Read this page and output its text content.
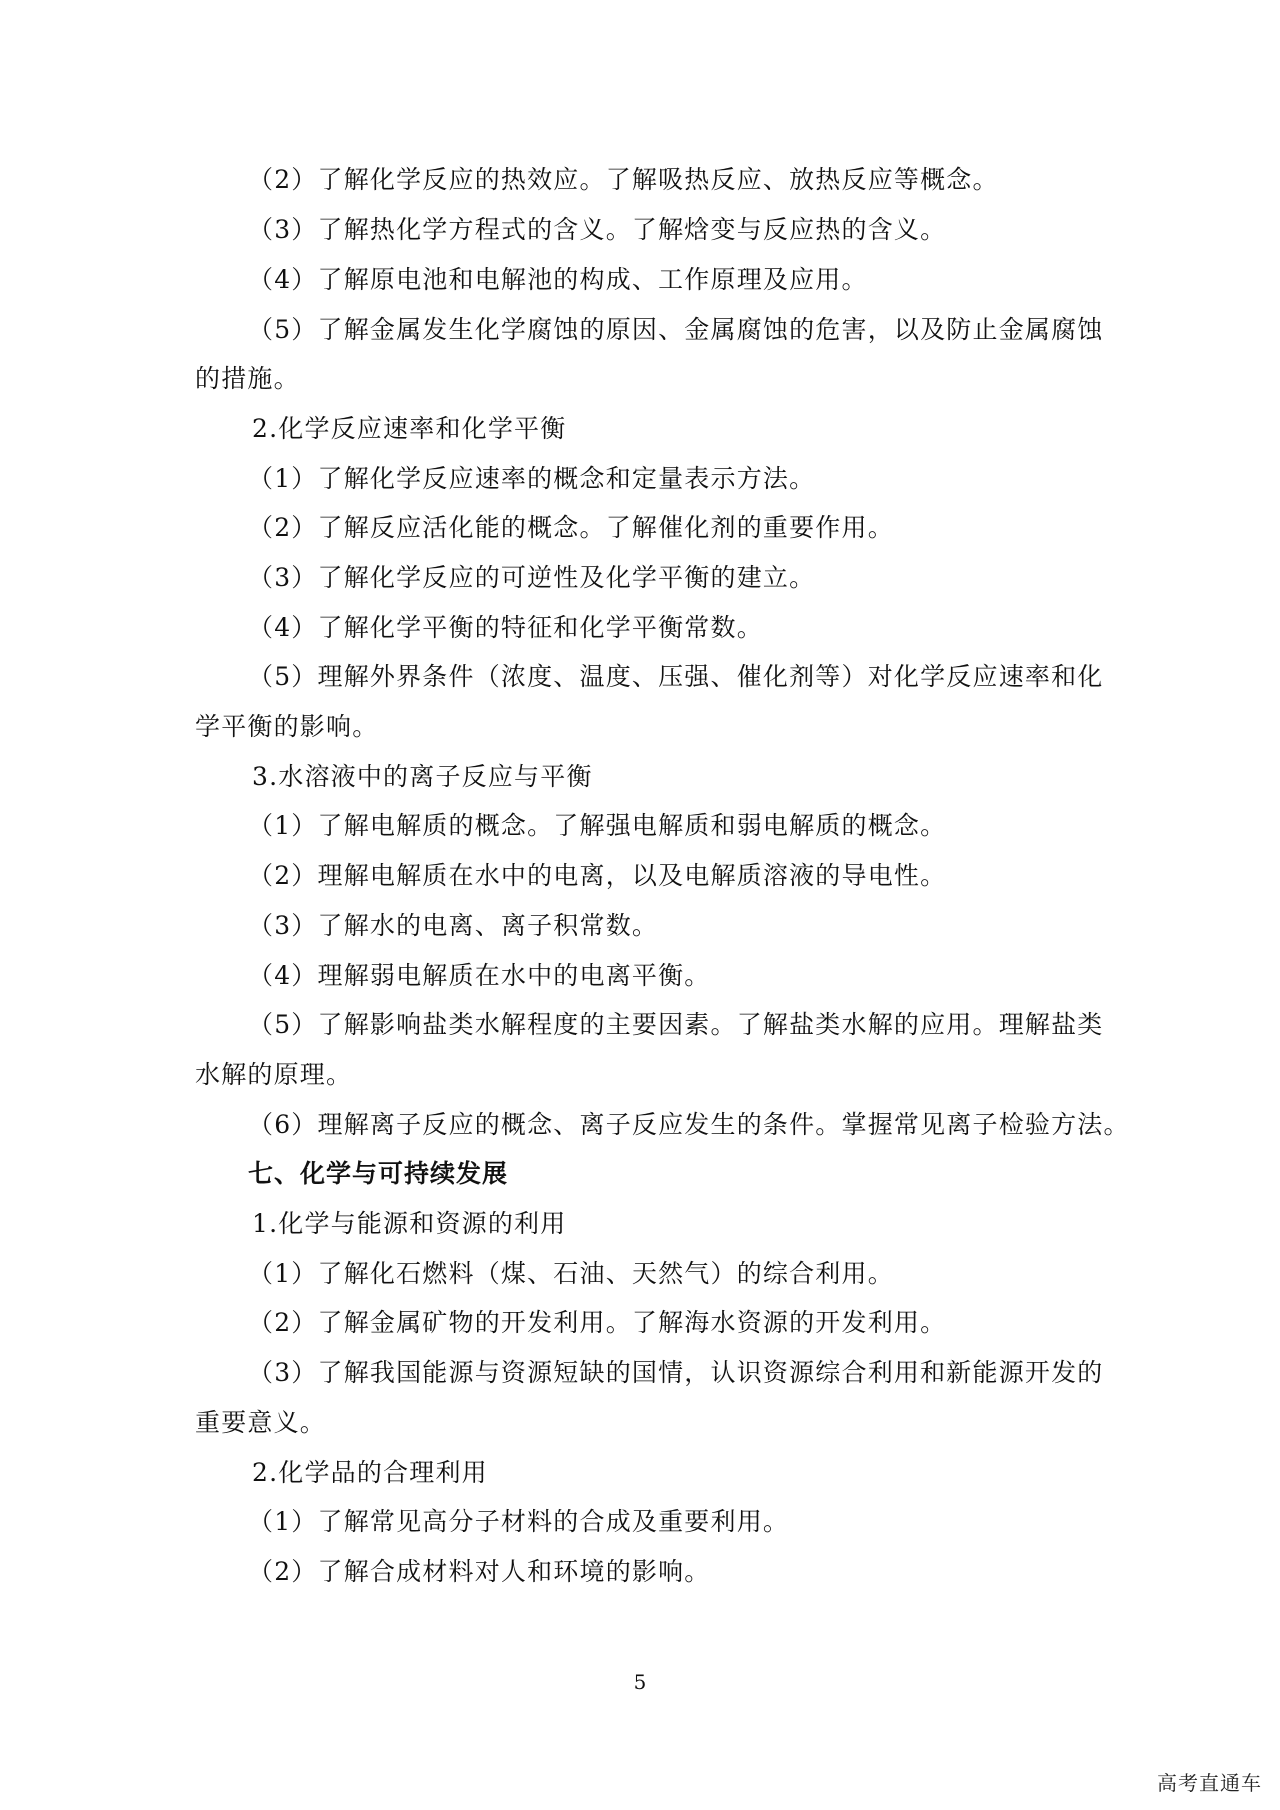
（2）了解化学反应的热效应。了解吸热反应、放热反应等概念。
（3）了解热化学方程式的含义。了解焓变与反应热的含义。
（4）了解原电池和电解池的构成、工作原理及应用。
（5）了解金属发生化学腐蚀的原因、金属腐蚀的危害，以及防止金属腐蚀
的措施。
2.化学反应速率和化学平衡
（1）了解化学反应速率的概念和定量表示方法。
（2）了解反应活化能的概念。了解催化剂的重要作用。
（3）了解化学反应的可逆性及化学平衡的建立。
（4）了解化学平衡的特征和化学平衡常数。
（5）理解外界条件（浓度、温度、压强、催化剂等）对化学反应速率和化
学平衡的影响。
3.水溶液中的离子反应与平衡
（1）了解电解质的概念。了解强电解质和弱电解质的概念。
（2）理解电解质在水中的电离，以及电解质溶液的导电性。
（3）了解水的电离、离子积常数。
（4）理解弱电解质在水中的电离平衡。
（5）了解影响盐类水解程度的主要因素。了解盐类水解的应用。理解盐类
水解的原理。
（6）理解离子反应的概念、离子反应发生的条件。掌握常见离子检验方法。
七、化学与可持续发展
1.化学与能源和资源的利用
（1）了解化石燃料（煤、石油、天然气）的综合利用。
（2）了解金属矿物的开发利用。了解海水资源的开发利用。
（3）了解我国能源与资源短缺的国情，认识资源综合利用和新能源开发的
重要意义。
2.化学品的合理利用
（1）了解常见高分子材料的合成及重要利用。
（2）了解合成材料对人和环境的影响。
5
高考直通车
